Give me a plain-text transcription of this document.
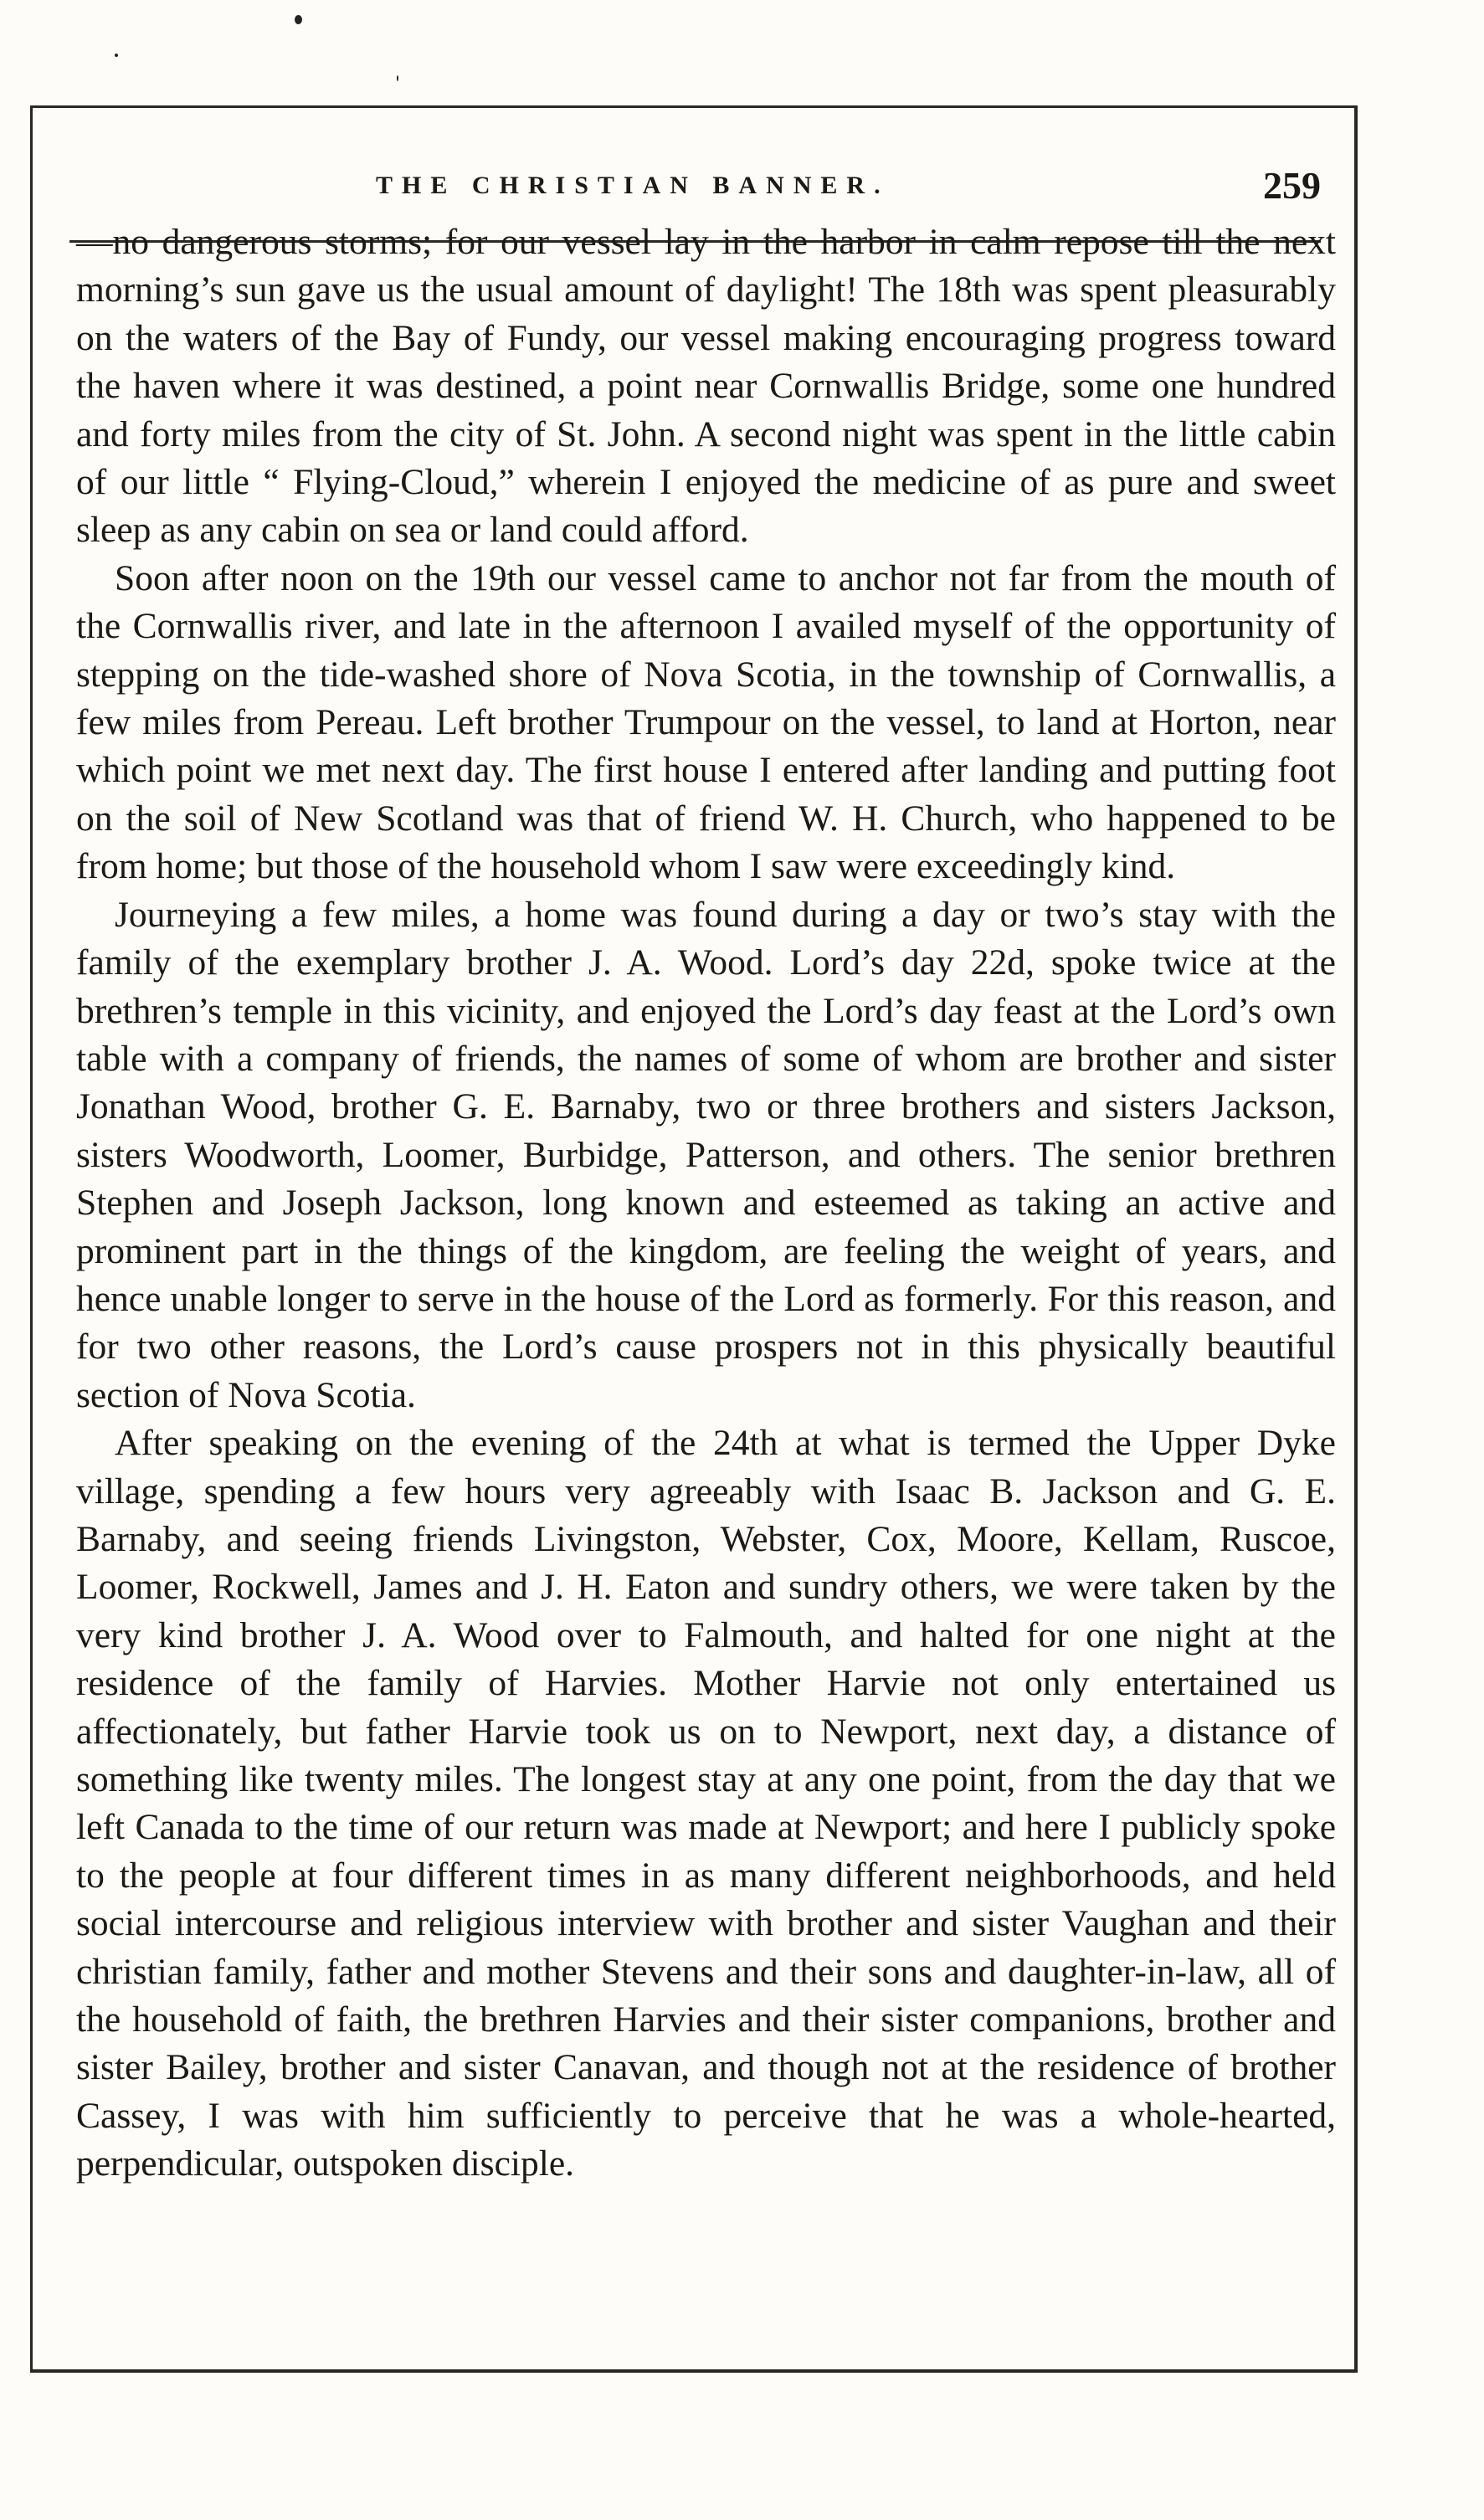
THE CHRISTIAN BANNER.	259

—no dangerous storms; for our vessel lay in the harbor in calm repose till the next morning’s sun gave us the usual amount of daylight! The 18th was spent pleasurably on the waters of the Bay of Fundy, our vessel making encouraging progress toward the haven where it was destined, a point near Cornwallis Bridge, some one hundred and forty miles from the city of St. John. A second night was spent in the little cabin of our little “ Flying-Cloud,” wherein I enjoyed the medicine of as pure and sweet sleep as any cabin on sea or land could afford.

Soon after noon on the 19th our vessel came to anchor not far from the mouth of the Cornwallis river, and late in the afternoon I availed myself of the opportunity of stepping on the tide-washed shore of Nova Scotia, in the township of Cornwallis, a few miles from Pereau. Left brother Trumpour on the vessel, to land at Horton, near which point we met next day. The first house I entered after landing and putting foot on the soil of New Scotland was that of friend W. H. Church, who happened to be from home; but those of the household whom I saw were exceedingly kind.

Journeying a few miles, a home was found during a day or two’s stay with the family of the exemplary brother J. A. Wood. Lord’s day 22d, spoke twice at the brethren’s temple in this vicinity, and enjoyed the Lord’s day feast at the Lord’s own table with a company of friends, the names of some of whom are brother and sister Jonathan Wood, brother G. E. Barnaby, two or three brothers and sisters Jackson, sisters Woodworth, Loomer, Burbidge, Patterson, and others. The senior brethren Stephen and Joseph Jackson, long known and esteemed as taking an active and prominent part in the things of the kingdom, are feeling the weight of years, and hence unable longer to serve in the house of the Lord as formerly. For this reason, and for two other reasons, the Lord’s cause prospers not in this physically beautiful section of Nova Scotia.

After speaking on the evening of the 24th at what is termed the Upper Dyke village, spending a few hours very agreeably with Isaac B. Jackson and G. E. Barnaby, and seeing friends Livingston, Webster, Cox, Moore, Kellam, Ruscoe, Loomer, Rockwell, James and J. H. Eaton and sundry others, we were taken by the very kind brother J. A. Wood over to Falmouth, and halted for one night at the residence of the family of Harvies. Mother Harvie not only entertained us affectionately, but father Harvie took us on to Newport, next day, a distance of something like twenty miles. The longest stay at any one point, from the day that we left Canada to the time of our return was made at Newport; and here I publicly spoke to the people at four different times in as many different neighborhoods, and held social intercourse and religious interview with brother and sister Vaughan and their christian family, father and mother Stevens and their sons and daughter-in-law, all of the household of faith, the brethren Harvies and their sister companions, brother and sister Bailey, brother and sister Canavan, and though not at the residence of brother Cassey, I was with him sufficiently to perceive that he was a whole-hearted, perpendicular, outspoken disciple.
